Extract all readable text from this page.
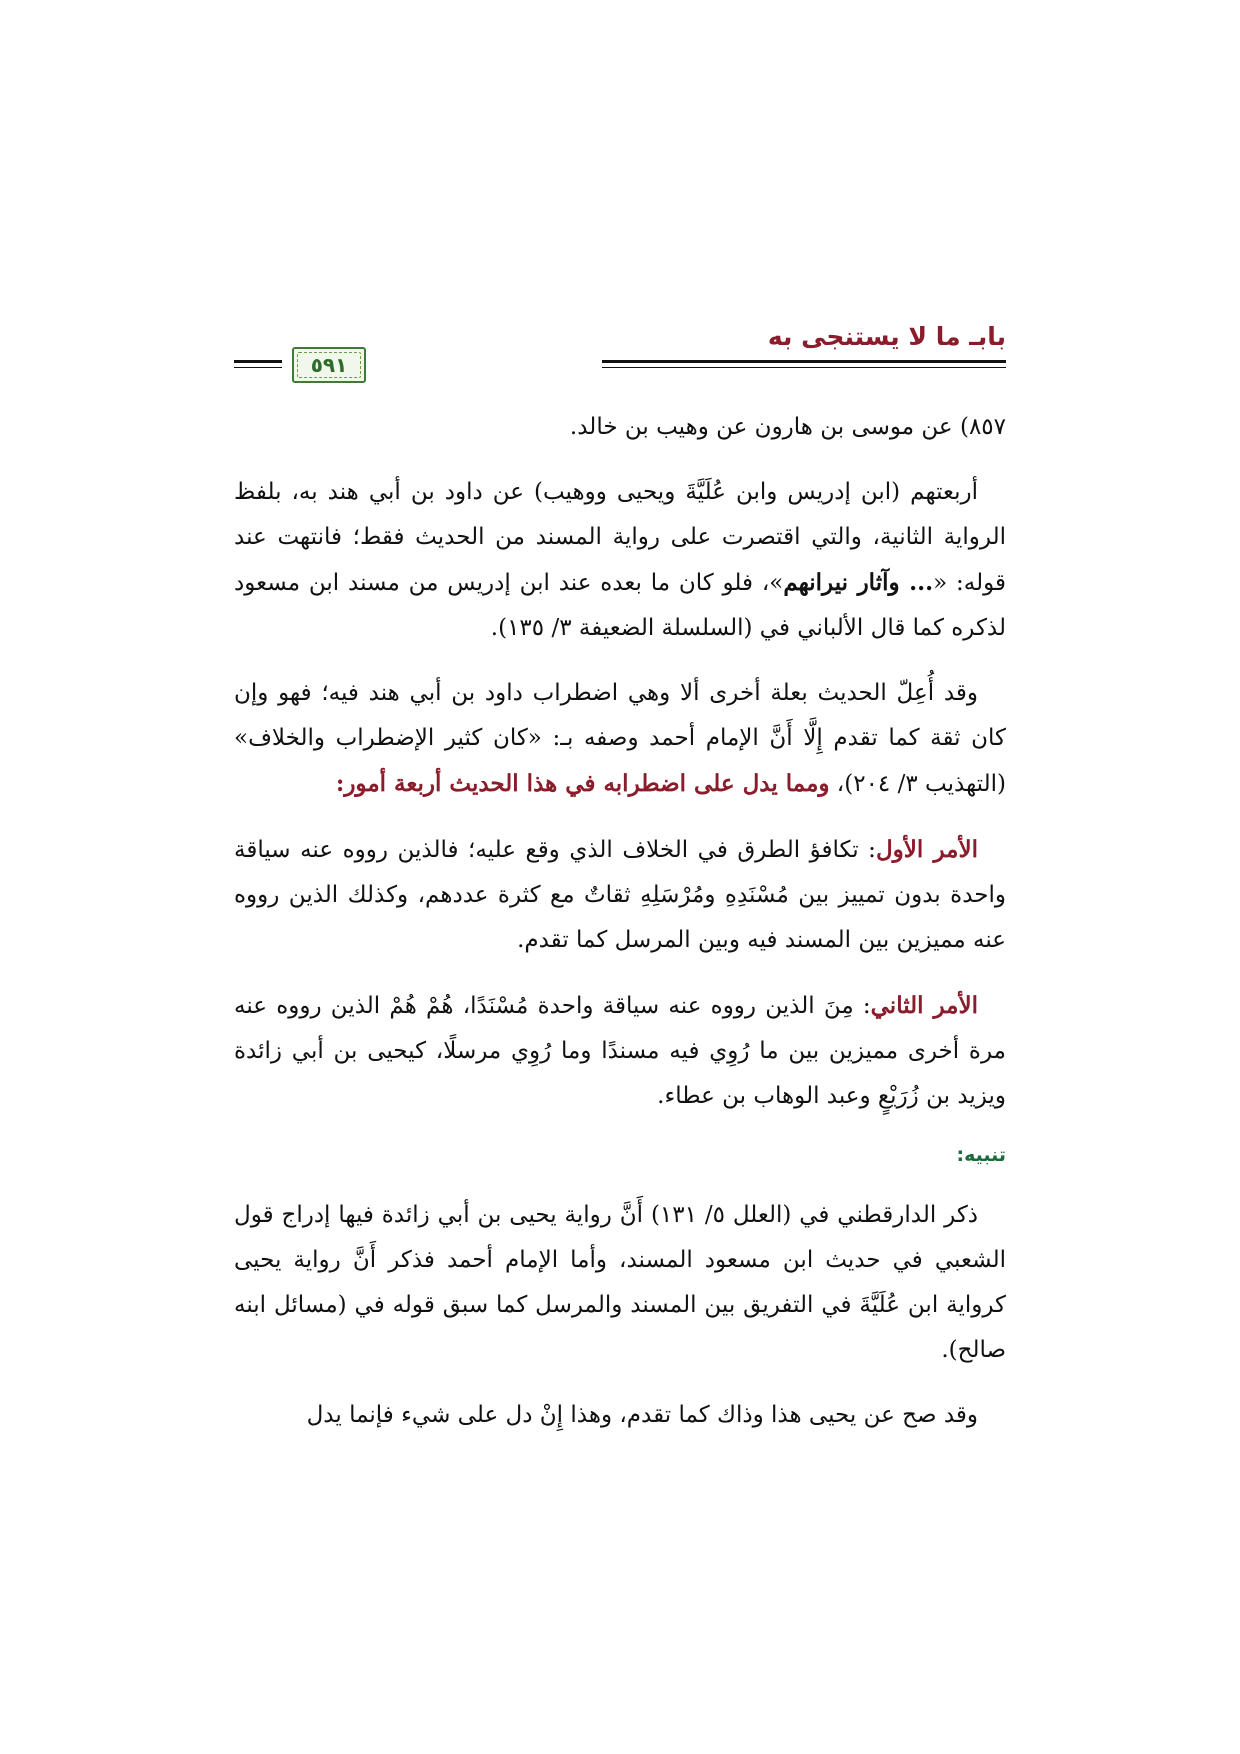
بابـ ما لا يستنجى به
٥٩١

٨٥٧) عن موسى بن هارون عن وهيب بن خالد.

أربعتهم (ابن إدريس وابن عُلَيَّةَ ويحيى ووهيب) عن داود بن أبي هند به، بلفظ الرواية الثانية، والتي اقتصرت على رواية المسند من الحديث فقط؛ فانتهت عند قوله: «... وآثار نيرانهم»، فلو كان ما بعده عند ابن إدريس من مسند ابن مسعود لذكره كما قال الألباني في (السلسلة الضعيفة ٣/ ١٣٥).

وقد أُعِلّ الحديث بعلة أخرى ألا وهي اضطراب داود بن أبي هند فيه؛ فهو وإن كان ثقة كما تقدم إِلَّا أَنَّ الإمام أحمد وصفه بـ: «كان كثير الإضطراب والخلاف» (التهذيب ٣/ ٢٠٤)، ومما يدل على اضطرابه في هذا الحديث أربعة أمور:

الأمر الأول: تكافؤ الطرق في الخلاف الذي وقع عليه؛ فالذين رووه عنه سياقة واحدة بدون تمييز بين مُسْنَدِهِ ومُرْسَلِهِ ثقاتٌ مع كثرة عددهم، وكذلك الذين رووه عنه مميزين بين المسند فيه وبين المرسل كما تقدم.

الأمر الثاني: مِنَ الذين رووه عنه سياقة واحدة مُسْنَدًا، هُمْ هُمْ الذين رووه عنه مرة أخرى مميزين بين ما رُوِي فيه مسندًا وما رُوِي مرسلًا، كيحيى بن أبي زائدة ويزيد بن زُرَيْعٍ وعبد الوهاب بن عطاء.

تنبيه:

ذكر الدارقطني في (العلل ٥/ ١٣١) أَنَّ رواية يحيى بن أبي زائدة فيها إدراج قول الشعبي في حديث ابن مسعود المسند، وأما الإمام أحمد فذكر أَنَّ رواية يحيى كرواية ابن عُلَيَّةَ في التفريق بين المسند والمرسل كما سبق قوله في (مسائل ابنه صالح).

وقد صح عن يحيى هذا وذاك كما تقدم، وهذا إِنْ دل على شيء فإنما يدل
